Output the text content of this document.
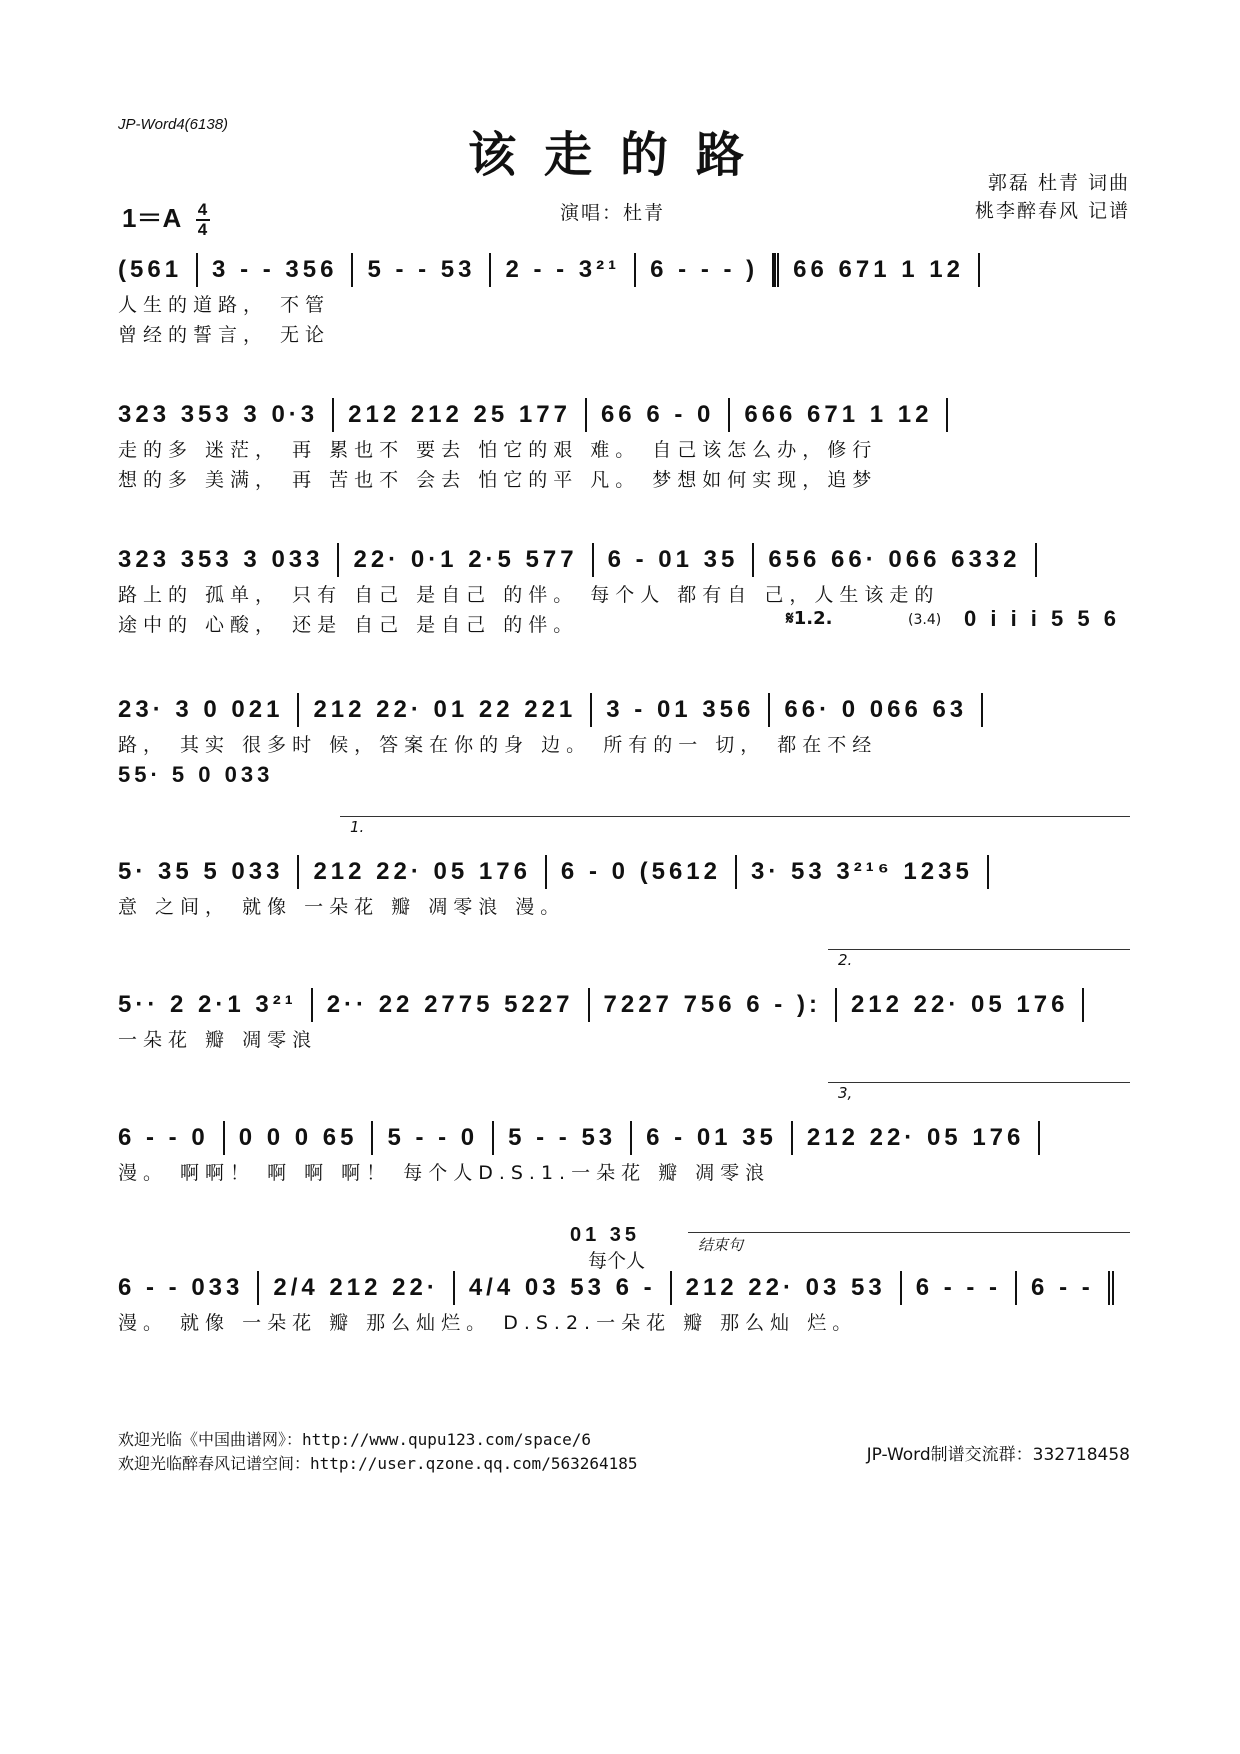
JP-Word4(6138)
该走的路	郭磊 杜青 词曲
桃李醉春风 记谱
$1=A \frac{4}{4}$	演唱：杜青
(561	3 - - 356	5 - - 53	2 - - 3²¹	6 - - - )	66 671 1 12
人生的道路， 不管
曾经的誓言， 无论
323 353 3 0·3	212 212 25 177	66 6 - 0	666 671 1 12
走的多 迷茫， 再 累也不 要去 怕它的艰 难。 自己该怎么办，修行
想的多 美满， 再 苦也不 会去 怕它的平 凡。 梦想如何实现，追梦
323 353 3 033	22· 0·1 2·5 577	6 - 01 35	656 66· 066 6332
路上的 孤单， 只有 自己 是自己 的伴。 每个人 都有自 己，人生该走的
途中的 心酸， 还是 自己 是自己 的伴。	𝄋1.2.	(3.4) 0 i i i 5 5 6
23· 3 0 021	212 22· 01 22 221	3 - 01 356	66· 0 066 63
路， 其实 很多时 候，答案在你的身 边。 所有的一 切， 都在不经
55· 5 0 033
1.
5· 35 5 033	212 22· 05 176	6 - 0 (5612	3· 53 3²¹⁶ 1235
意 之间， 就像 一朵花 瓣 凋零浪 漫。
2.
5·· 2 2·1 3²¹	2·· 22 2775 5227	7227 756 6 - ):	212 22· 05 176
一朵花 瓣 凋零浪
3,
6 - - 0	0 0 0 65	5 - - 0	5 - - 53	6 - 01 35	212 22· 05 176
漫。 啊啊！ 啊 啊 啊！ 每个人D.S.1.一朵花 瓣 凋零浪
01 35
每个人
结束句
6 - - 033	2/4 212 22·	4/4 03 53 6 -	212 22· 03 53	6 - - -	6 - -
漫。 就像 一朵花 瓣 那么灿烂。 D.S.2.一朵花 瓣 那么灿 烂。
欢迎光临《中国曲谱网》：http://www.qupu123.com/space/6
欢迎光临醉春风记谱空间：http://user.qzone.qq.com/563264185	JP-Word制谱交流群：332718458
